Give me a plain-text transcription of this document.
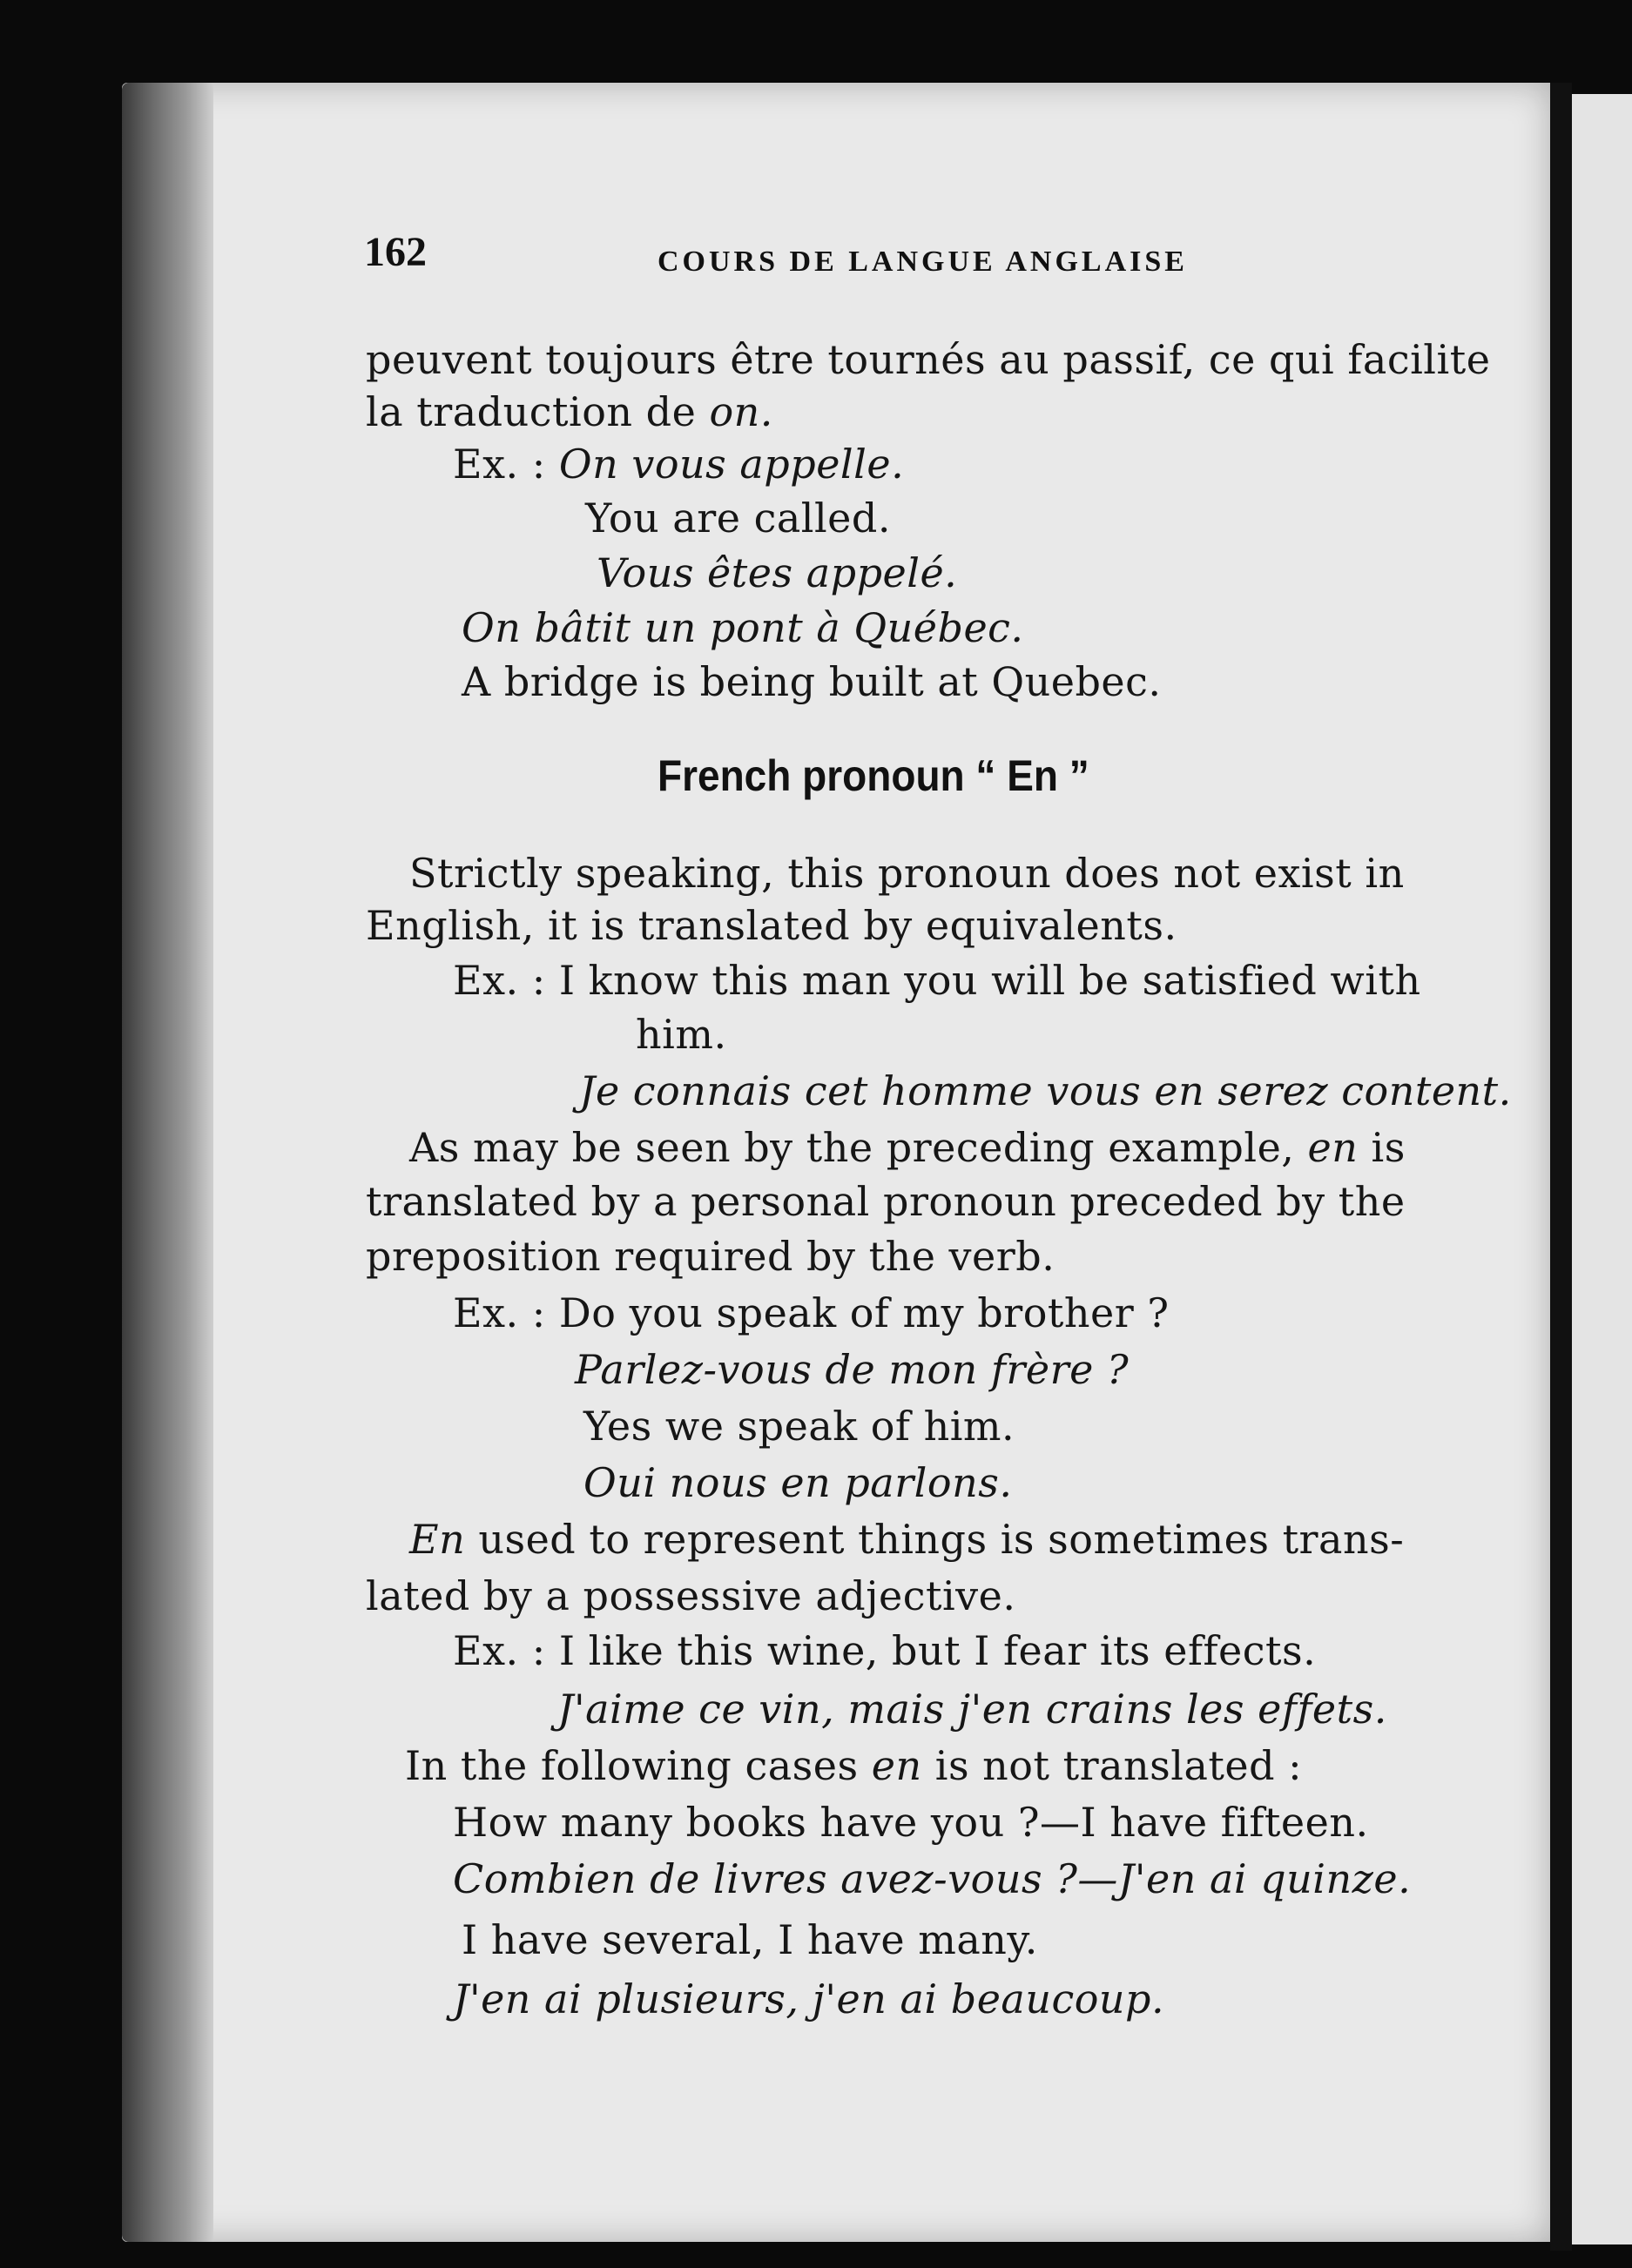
162	COURS DE LANGUE ANGLAISE
peuvent toujours être tournés au passif, ce qui facilite
la traduction de on.
Ex. : On vous appelle.
You are called.
Vous êtes appelé.
On bâtit un pont à Québec.
A bridge is being built at Quebec.
French pronoun “ En ”
Strictly speaking, this pronoun does not exist in
English, it is translated by equivalents.
Ex. : I know this man you will be satisfied with
him.
Je connais cet homme vous en serez content.
As may be seen by the preceding example, en is
translated by a personal pronoun preceded by the
preposition required by the verb.
Ex. : Do you speak of my brother ?
Parlez-vous de mon frère ?
Yes we speak of him.
Oui nous en parlons.
En used to represent things is sometimes trans-
lated by a possessive adjective.
Ex. : I like this wine, but I fear its effects.
J'aime ce vin, mais j'en crains les effets.
In the following cases en is not translated :
How many books have you ?—I have fifteen.
Combien de livres avez-vous ?—J'en ai quinze.
I have several, I have many.
J'en ai plusieurs, j'en ai beaucoup.
